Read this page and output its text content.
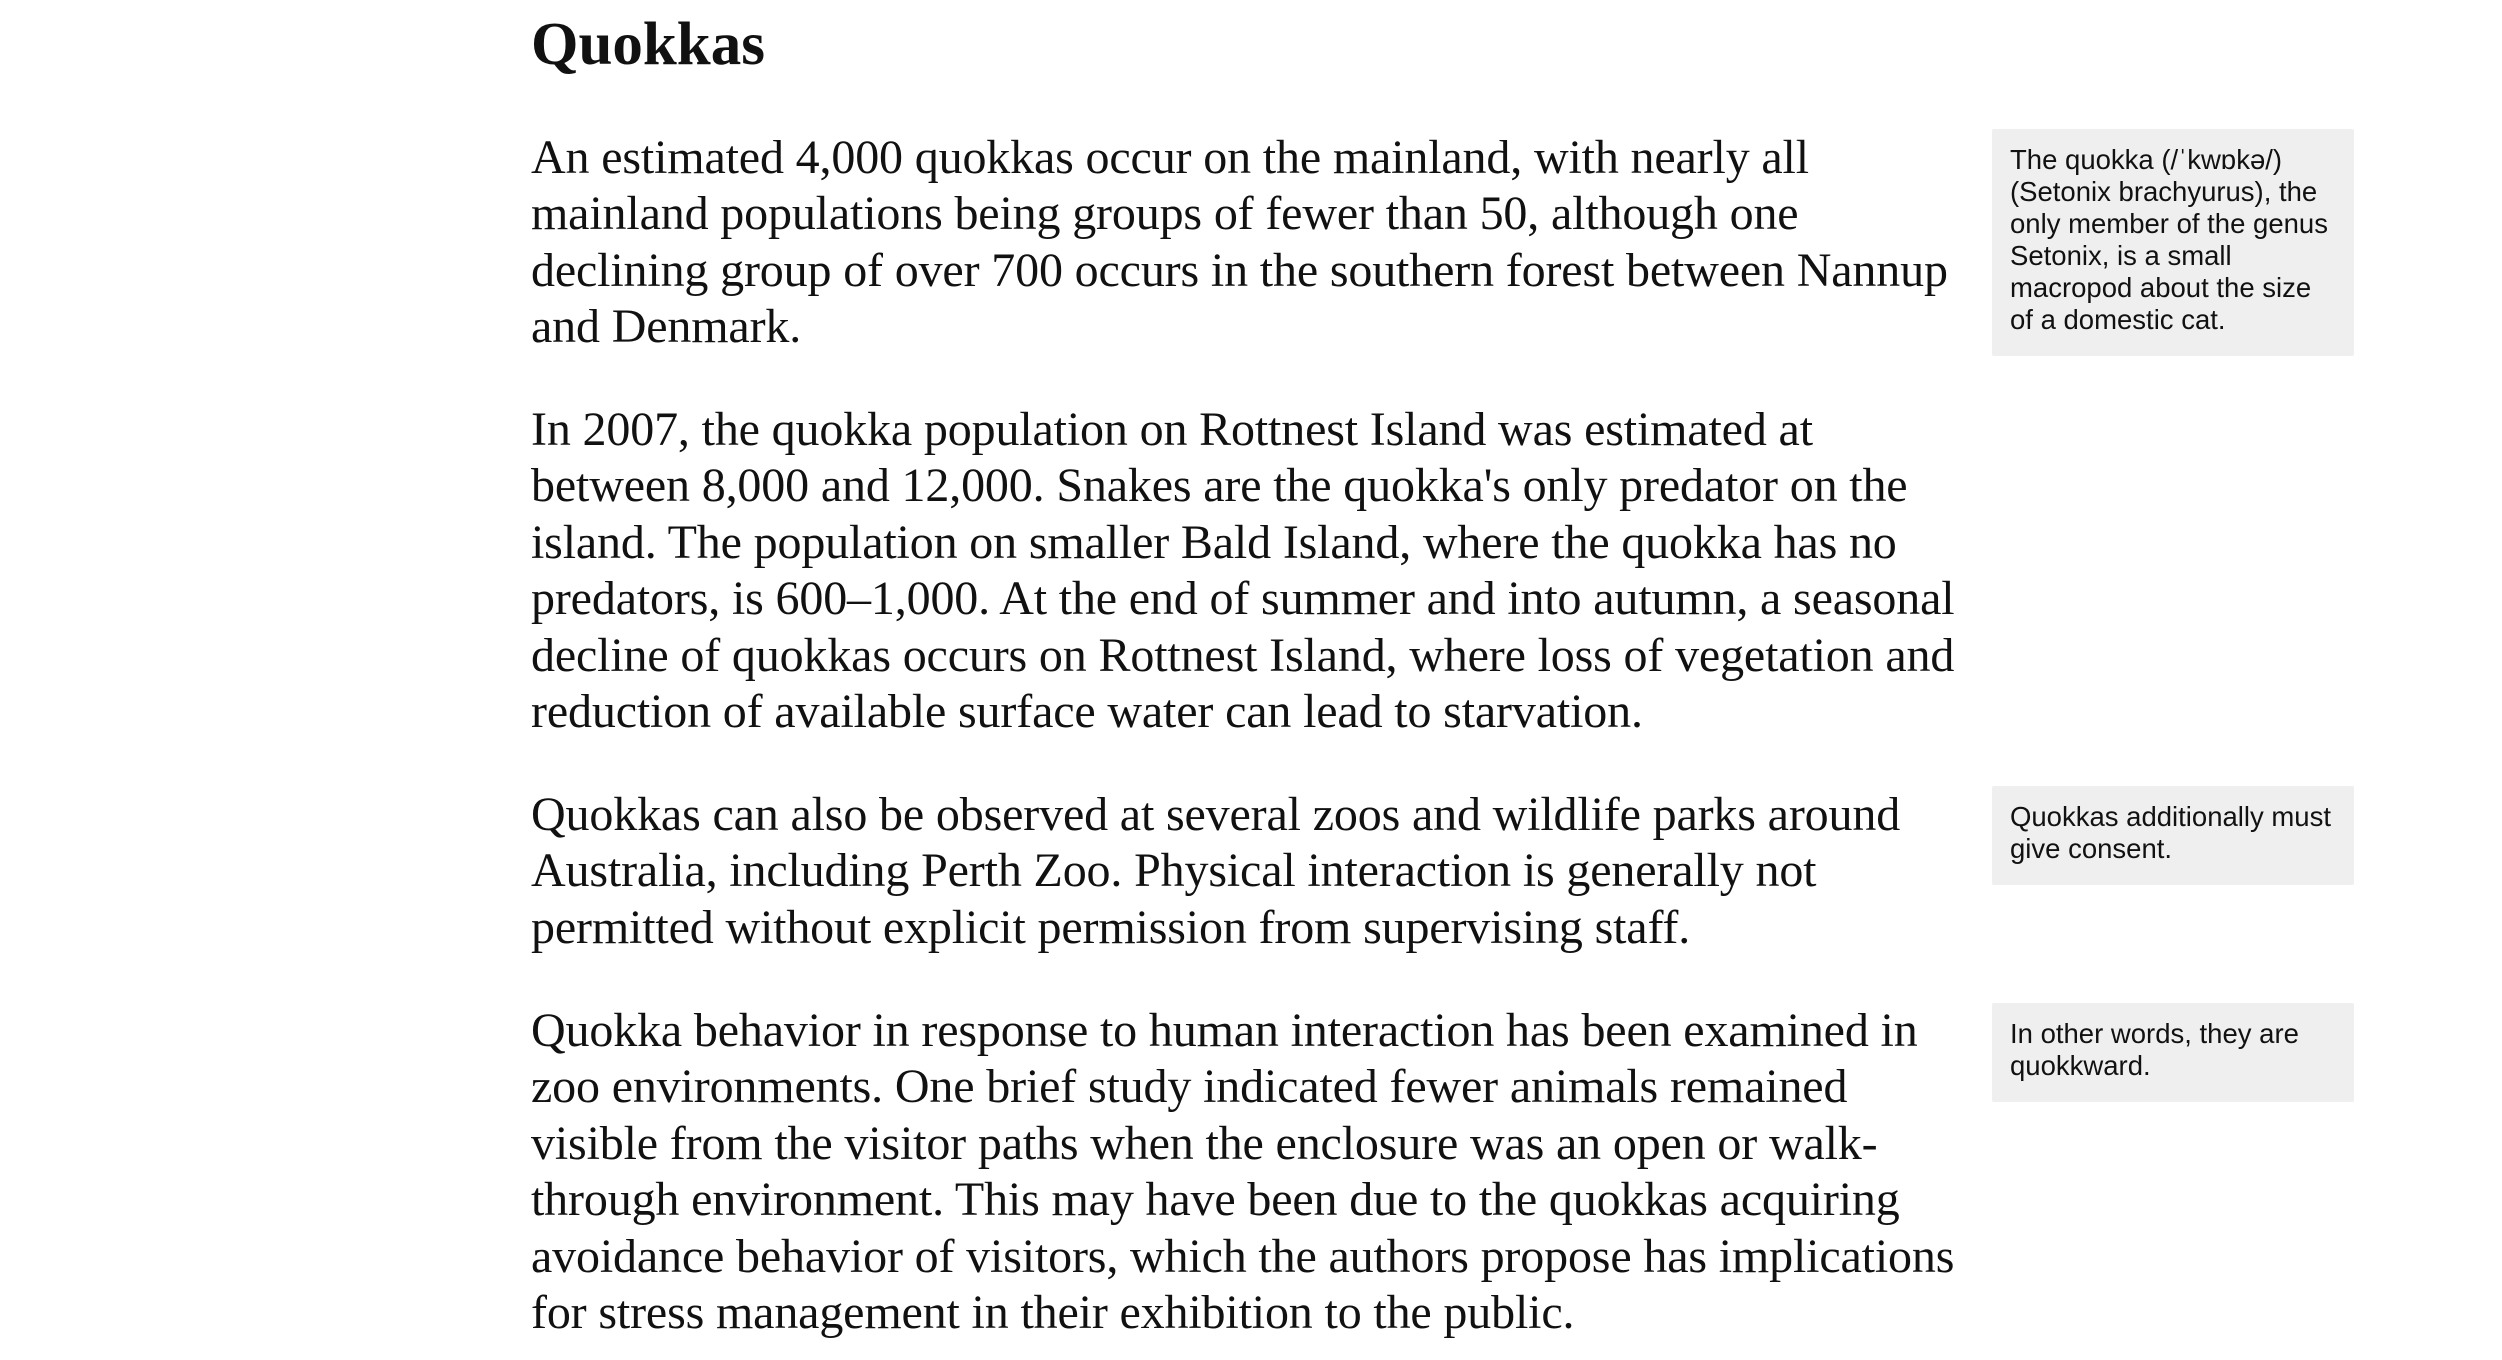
Quokkas

An estimated 4,000 quokkas occur on the mainland, with nearly all mainland populations being groups of fewer than 50, although one declining group of over 700 occurs in the southern forest between Nannup and Denmark.

In 2007, the quokka population on Rottnest Island was estimated at between 8,000 and 12,000. Snakes are the quokka's only predator on the island. The population on smaller Bald Island, where the quokka has no predators, is 600–1,000. At the end of summer and into autumn, a seasonal decline of quokkas occurs on Rottnest Island, where loss of vegetation and reduction of available surface water can lead to starvation.

Quokkas can also be observed at several zoos and wildlife parks around Australia, including Perth Zoo. Physical interaction is generally not permitted without explicit permission from supervising staff.

Quokka behavior in response to human interaction has been examined in zoo environments. One brief study indicated fewer animals remained visible from the visitor paths when the enclosure was an open or walk-through environment. This may have been due to the quokkas acquiring avoidance behavior of visitors, which the authors propose has implications for stress management in their exhibition to the public.

The quokka (/ˈkwɒkə/) (Setonix brachyurus), the only member of the genus Setonix, is a small macropod about the size of a domestic cat.
Quokkas additionally must give consent.
In other words, they are quokkward.
